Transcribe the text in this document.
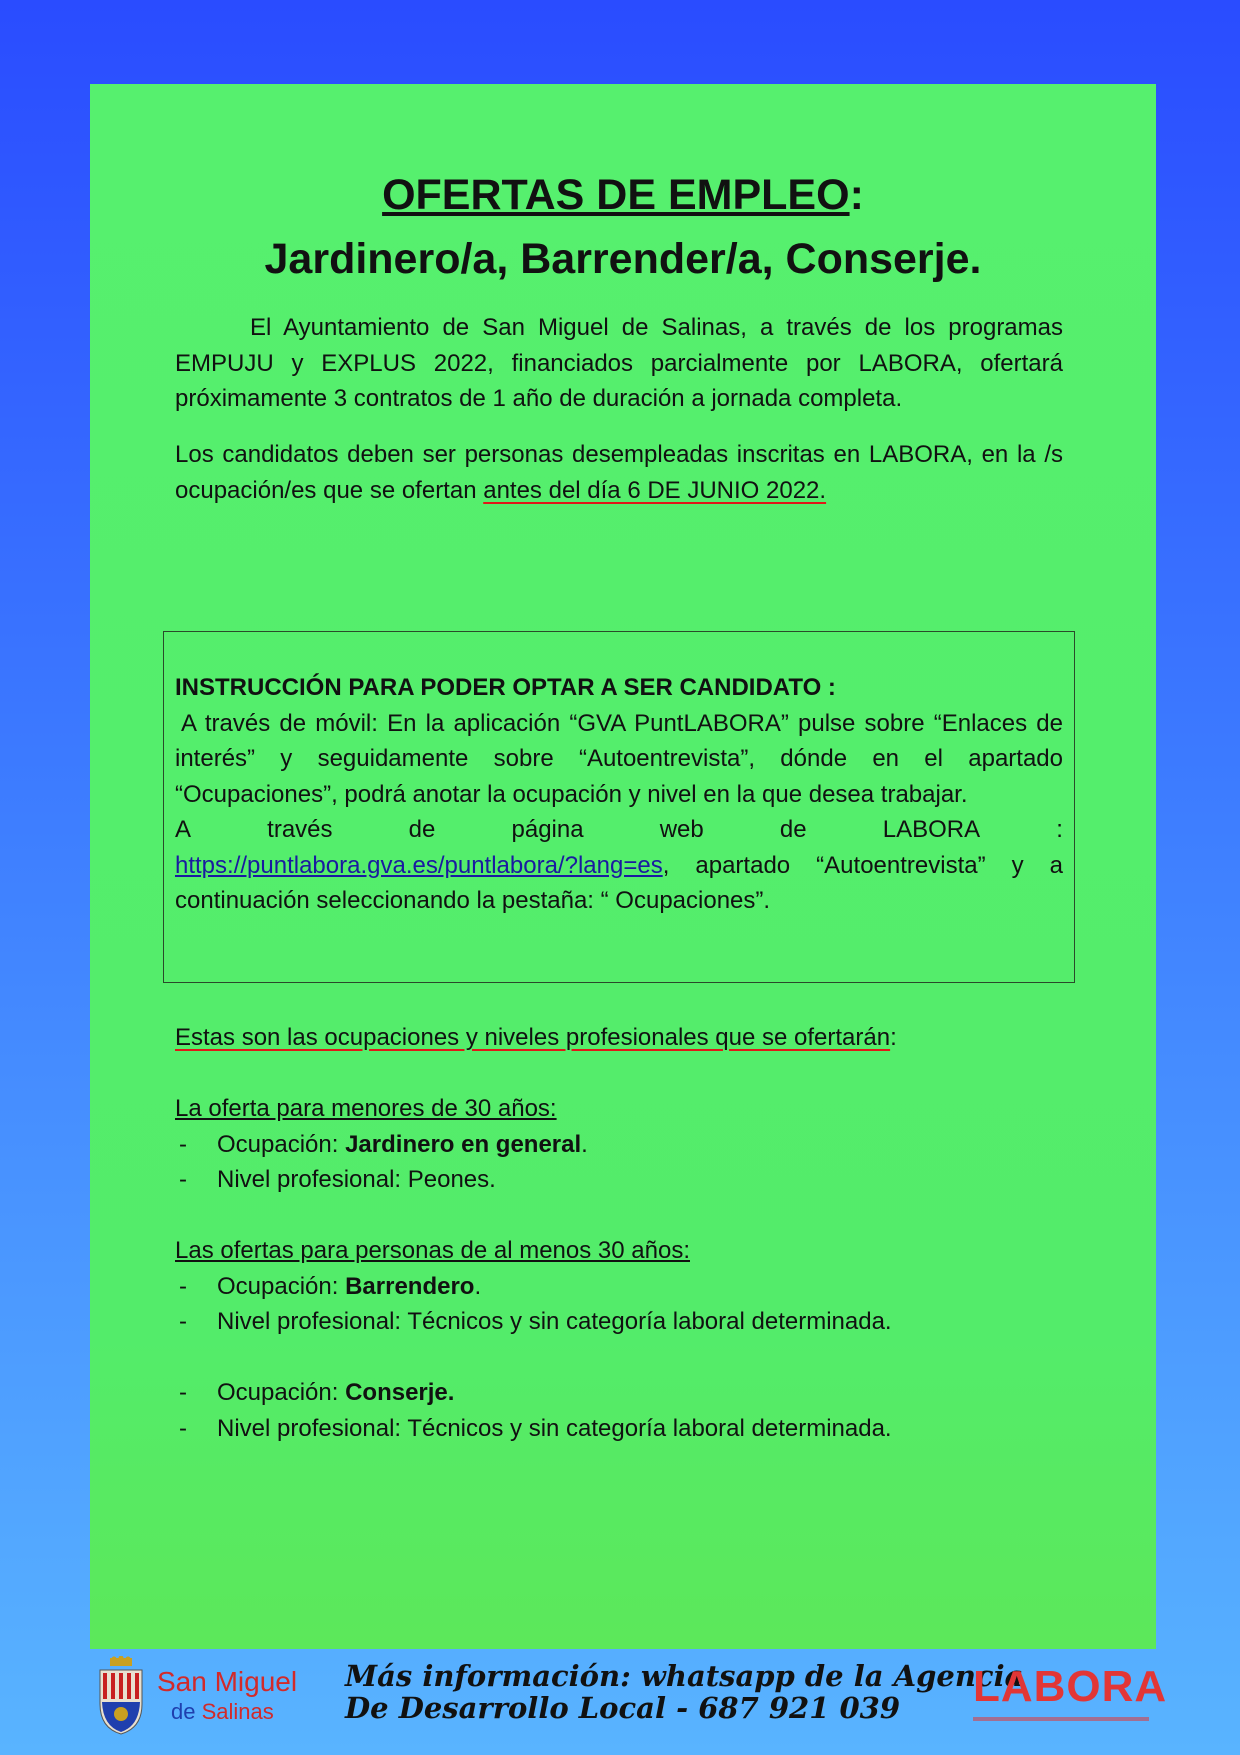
OFERTAS DE EMPLEO:
Jardinero/a, Barrender/a, Conserje.
El Ayuntamiento de San Miguel de Salinas, a través de los programas EMPUJU y EXPLUS 2022, financiados parcialmente por LABORA, ofertará próximamente 3 contratos de 1 año de duración a jornada completa.
Los candidatos deben ser personas desempleadas inscritas en LABORA, en la /s ocupación/es que se ofertan antes del día 6 DE JUNIO 2022.
INSTRUCCIÓN PARA PODER OPTAR A SER CANDIDATO :
A través de móvil: En la aplicación “GVA PuntLABORA” pulse sobre “Enlaces de interés” y seguidamente sobre “Autoentrevista”, dónde en el apartado “Ocupaciones”, podrá anotar la ocupación y nivel en la que desea trabajar.
A	través	de	página	web	de	LABORA	:
https://puntlabora.gva.es/puntlabora/?lang=es, apartado “Autoentrevista” y a continuación seleccionando la pestaña: “ Ocupaciones”.
Estas son las ocupaciones y niveles profesionales que se ofertarán:
La oferta para menores de 30 años:
- Ocupación: Jardinero en general.
- Nivel profesional: Peones.
Las ofertas para personas de al menos 30 años:
- Ocupación: Barrendero.
- Nivel profesional: Técnicos y sin categoría laboral determinada.
- Ocupación: Conserje.
- Nivel profesional: Técnicos y sin categoría laboral determinada.
San Miguel
de Salinas
Más información: whatsapp de la Agencia
De Desarrollo Local - 687 921 039	LABORA
